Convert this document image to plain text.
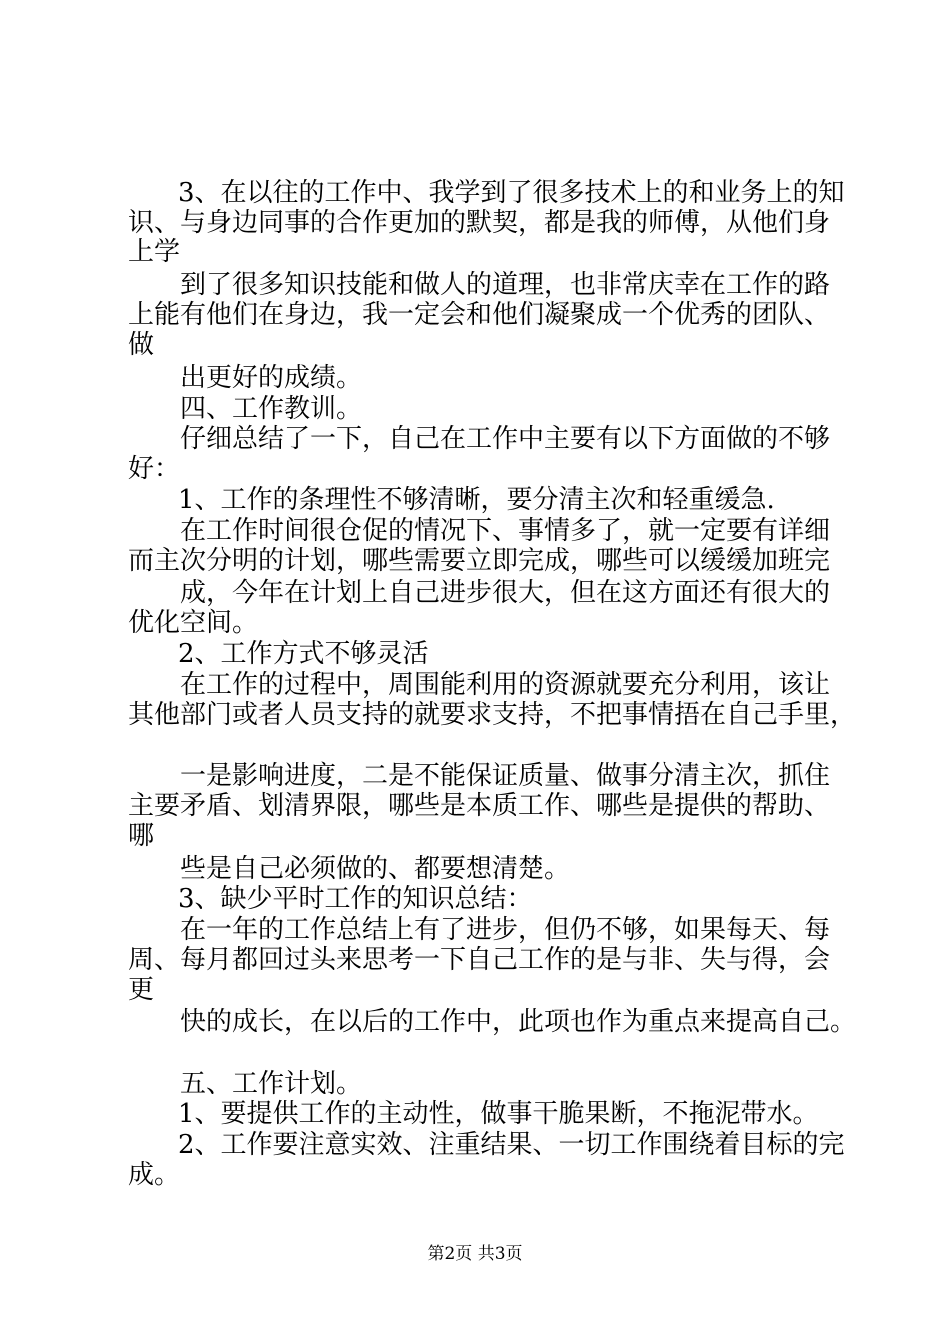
3、在以往的工作中、我学到了很多技术上的和业务上的知

识、与身边同事的合作更加的默契，都是我的师傅，从他们身

上学

到了很多知识技能和做人的道理，也非常庆幸在工作的路

上能有他们在身边，我一定会和他们凝聚成一个优秀的团队、

做

出更好的成绩。

四、工作教训。

仔细总结了一下，自己在工作中主要有以下方面做的不够

好：

1、工作的条理性不够清晰，要分清主次和轻重缓急.

在工作时间很仓促的情况下、事情多了，就一定要有详细

而主次分明的计划，哪些需要立即完成，哪些可以缓缓加班完

成，今年在计划上自己进步很大，但在这方面还有很大的

优化空间。

2、工作方式不够灵活

在工作的过程中，周围能利用的资源就要充分利用，该让

其他部门或者人员支持的就要求支持，不把事情捂在自己手里，

一是影响进度，二是不能保证质量、做事分清主次，抓住

主要矛盾、划清界限，哪些是本质工作、哪些是提供的帮助、

哪

些是自己必须做的、都要想清楚。

3、缺少平时工作的知识总结：

在一年的工作总结上有了进步，但仍不够，如果每天、每

周、每月都回过头来思考一下自己工作的是与非、失与得，会

更

快的成长，在以后的工作中，此项也作为重点来提高自己。

五、工作计划。

1、要提供工作的主动性，做事干脆果断，不拖泥带水。

2、工作要注意实效、注重结果、一切工作围绕着目标的完

成。

第2页 共3页
